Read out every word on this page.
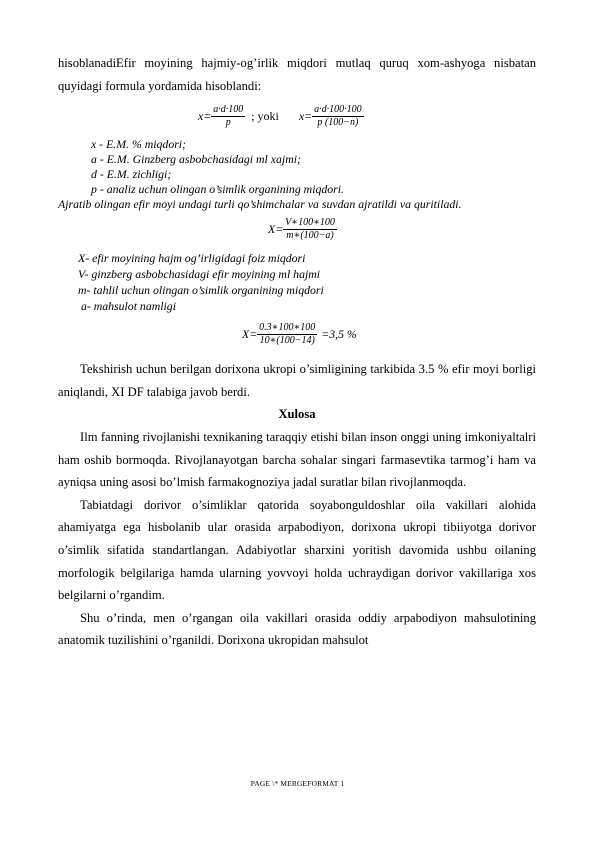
hisoblanadiEfir moyining hajmiy-og’irlik miqdori mutlaq quruq xom-ashyoga nisbatan quyidagi formula yordamida hisoblandi:

$x= \frac{a\cdot d\cdot 100}{p}$ ; yoki $x= \frac{a\cdot d\cdot 100\cdot 100}{p (100-n)}$
x - E.M. % miqdori;
a - E.M. Ginzberg asbobchasidagi ml xajmi;
d - E.M. zichligi;
p - analiz uchun olingan o’simlik organining miqdori.

Ajratib olingan efir moyi undagi turli qo’shimchalar va suvdan ajratildi va quritiladi.

$X= \frac{V∗100∗100}{m∗(100-a)}$
X- efir moyining hajm og’irligidagi foiz miqdori
V- ginzberg asbobchasidagi efir moyining ml hajmi
m- tahlil uchun olingan o’simlik organining miqdori
a- mahsulot namligi
$X= \frac{0.3∗100∗100}{10∗(100-14)} =3,5$ %

Tekshirish uchun berilgan dorixona ukropi o’simligining tarkibida 3.5 % efir moyi borligi aniqlandi, XI DF talabiga javob berdi.

Xulosa

Ilm fanning rivojlanishi texnikaning taraqqiy etishi bilan inson onggi uning imkoniyaltalri ham oshib bormoqda. Rivojlanayotgan barcha sohalar singari farmasevtika tarmog’i ham va ayniqsa uning asosi bo’lmish farmakognoziya jadal suratlar bilan rivojlanmoqda.

Tabiatdagi dorivor o’simliklar qatorida soyabonguldoshlar oila vakillari alohida ahamiyatga ega hisbolanib ular orasida arpabodiyon, dorixona ukropi tibiiyotga dorivor o’simlik sifatida standartlangan. Adabiyotlar sharxini yoritish davomida ushbu oilaning morfologik belgilariga hamda ularning yovvoyi holda uchraydigan dorivor vakillariga xos belgilarni o’rgandim.

Shu o’rinda, men o’rgangan oila vakillari orasida oddiy arpabodiyon mahsulotining anatomik tuzilishini o’rganildi. Dorixona ukropidan mahsulot

PAGE \* MERGEFORMAT 1
